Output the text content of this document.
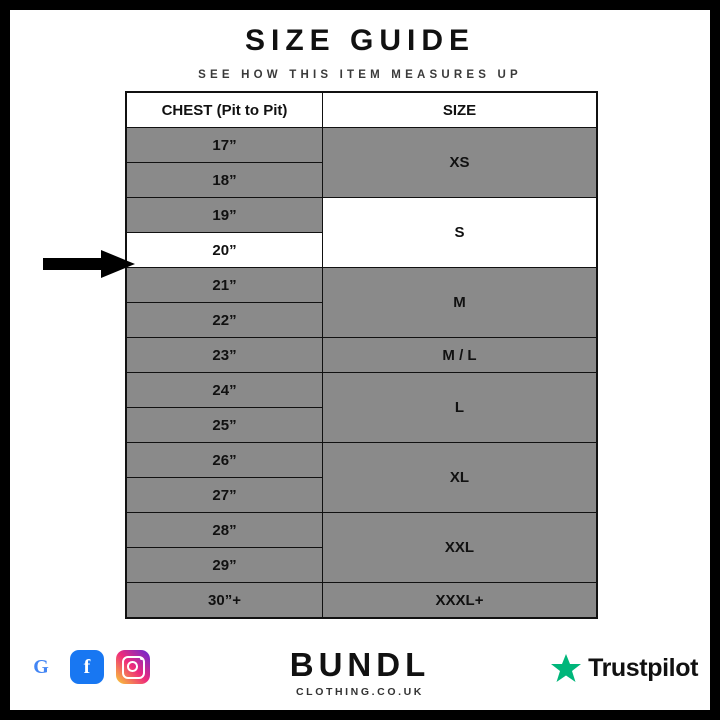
SIZE GUIDE
SEE HOW THIS ITEM MEASURES UP
CHEST (Pit to Pit)	SIZE
17”	XS
18”	
19”	S
20”	
21”	M
22”	
23”	M / L
24”	L
25”	
26”	XL
27”	
28”	XXL
29”	
30”+	XXXL+
G f	BUNDL
CLOTHING.CO.UK
Trustpilot
